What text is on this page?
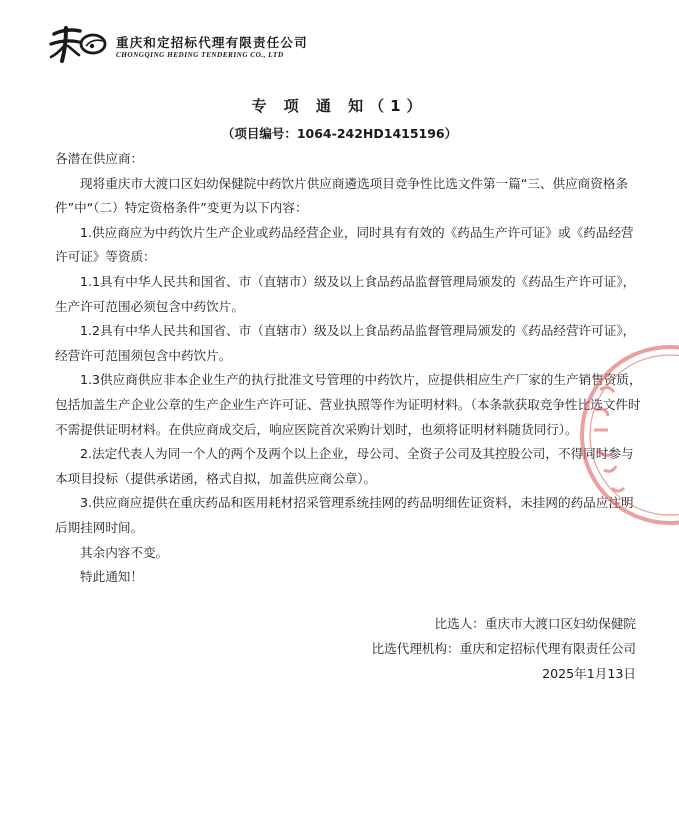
重庆和定招标代理有限责任公司
CHONGQING HEDING TENDERING CO., LTD
专 项 通 知（1）
（项目编号：1064-242HD1415196）

各潜在供应商：

现将重庆市大渡口区妇幼保健院中药饮片供应商遴选项目竞争性比选文件第一篇“三、供应商资格条件”中“（二）特定资格条件”变更为以下内容：

1.供应商应为中药饮片生产企业或药品经营企业，同时具有有效的《药品生产许可证》或《药品经营许可证》等资质：

1.1具有中华人民共和国省、市（直辖市）级及以上食品药品监督管理局颁发的《药品生产许可证》，生产许可范围必须包含中药饮片。

1.2具有中华人民共和国省、市（直辖市）级及以上食品药品监督管理局颁发的《药品经营许可证》，经营许可范围须包含中药饮片。

1.3供应商供应非本企业生产的执行批准文号管理的中药饮片，应提供相应生产厂家的生产销售资质，包括加盖生产企业公章的生产企业生产许可证、营业执照等作为证明材料。（本条款获取竞争性比选文件时不需提供证明材料。在供应商成交后，响应医院首次采购计划时，也须将证明材料随货同行）。

2.法定代表人为同一个人的两个及两个以上企业，母公司、全资子公司及其控股公司，不得同时参与本项目投标（提供承诺函，格式自拟，加盖供应商公章）。

3.供应商应提供在重庆药品和医用耗材招采管理系统挂网的药品明细佐证资料，未挂网的药品应注明后期挂网时间。

其余内容不变。

特此通知！

比选人：重庆市大渡口区妇幼保健院
比选代理机构：重庆和定招标代理有限责任公司
2025年1月13日
